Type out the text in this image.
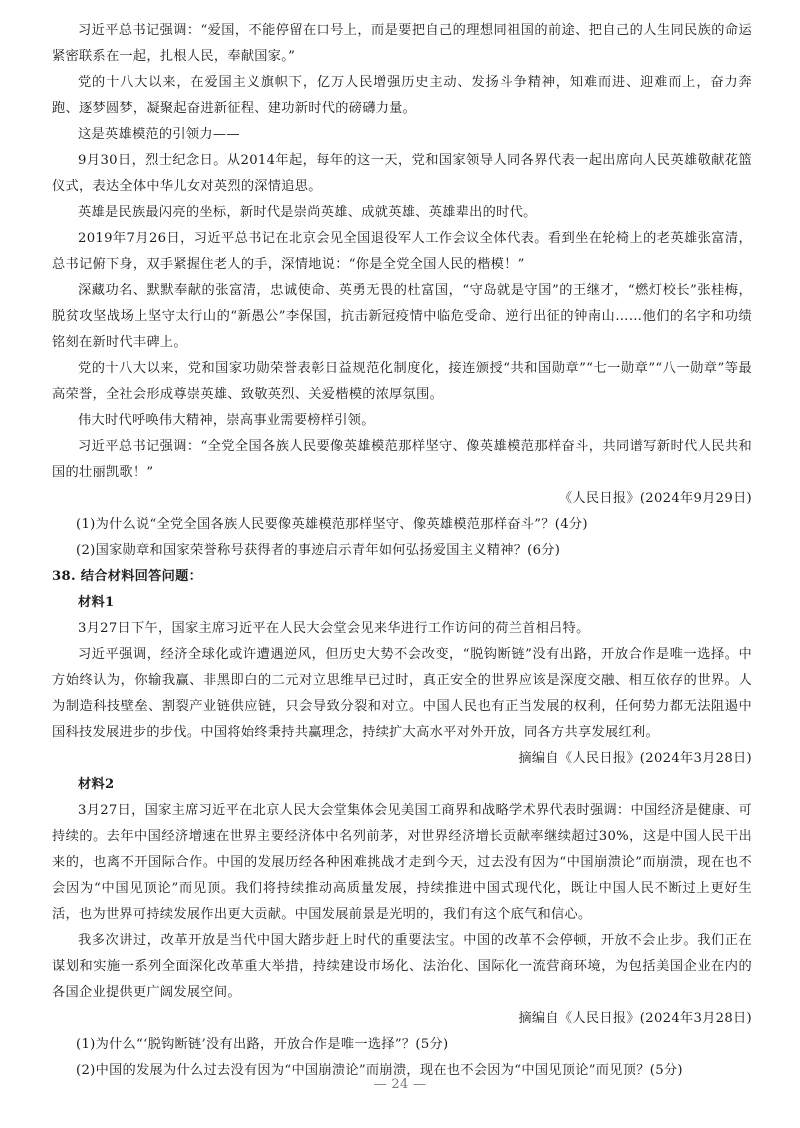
习近平总书记强调：“爱国，不能停留在口号上，而是要把自己的理想同祖国的前途、把自己的人生同民族的命运紧密联系在一起，扎根人民，奉献国家。”

党的十八大以来，在爱国主义旗帜下，亿万人民增强历史主动、发扬斗争精神，知难而进、迎难而上，奋力奔跑、逐梦圆梦，凝聚起奋进新征程、建功新时代的磅礴力量。

这是英雄模范的引领力——

9月30日，烈士纪念日。从2014年起，每年的这一天，党和国家领导人同各界代表一起出席向人民英雄敬献花篮仪式，表达全体中华儿女对英烈的深情追思。

英雄是民族最闪亮的坐标，新时代是崇尚英雄、成就英雄、英雄辈出的时代。

2019年7月26日，习近平总书记在北京会见全国退役军人工作会议全体代表。看到坐在轮椅上的老英雄张富清，总书记俯下身，双手紧握住老人的手，深情地说：“你是全党全国人民的楷模！”

深藏功名、默默奉献的张富清，忠诚使命、英勇无畏的杜富国，“守岛就是守国”的王继才，“燃灯校长”张桂梅，脱贫攻坚战场上坚守太行山的“新愚公”李保国，抗击新冠疫情中临危受命、逆行出征的钟南山……他们的名字和功绩铭刻在新时代丰碑上。

党的十八大以来，党和国家功勋荣誉表彰日益规范化制度化，接连颁授“共和国勋章”“七一勋章”“八一勋章”等最高荣誉，全社会形成尊崇英雄、致敬英烈、关爱楷模的浓厚氛围。

伟大时代呼唤伟大精神，崇高事业需要榜样引领。

习近平总书记强调：“全党全国各族人民要像英雄模范那样坚守、像英雄模范那样奋斗，共同谱写新时代人民共和国的壮丽凯歌！”

《人民日报》(2024年9月29日)

(1)为什么说“全党全国各族人民要像英雄模范那样坚守、像英雄模范那样奋斗”？(4分)

(2)国家勋章和国家荣誉称号获得者的事迹启示青年如何弘扬爱国主义精神？(6分)

38. 结合材料回答问题：

材料1

3月27日下午，国家主席习近平在人民大会堂会见来华进行工作访问的荷兰首相吕特。

习近平强调，经济全球化或许遭遇逆风，但历史大势不会改变，“脱钩断链”没有出路，开放合作是唯一选择。中方始终认为，你输我赢、非黑即白的二元对立思维早已过时，真正安全的世界应该是深度交融、相互依存的世界。人为制造科技壁垒、割裂产业链供应链，只会导致分裂和对立。中国人民也有正当发展的权利，任何势力都无法阻遏中国科技发展进步的步伐。中国将始终秉持共赢理念，持续扩大高水平对外开放，同各方共享发展红利。

摘编自《人民日报》(2024年3月28日)

材料2

3月27日，国家主席习近平在北京人民大会堂集体会见美国工商界和战略学术界代表时强调：中国经济是健康、可持续的。去年中国经济增速在世界主要经济体中名列前茅，对世界经济增长贡献率继续超过30%，这是中国人民干出来的，也离不开国际合作。中国的发展历经各种困难挑战才走到今天，过去没有因为“中国崩溃论”而崩溃，现在也不会因为“中国见顶论”而见顶。我们将持续推动高质量发展，持续推进中国式现代化，既让中国人民不断过上更好生活，也为世界可持续发展作出更大贡献。中国发展前景是光明的，我们有这个底气和信心。

我多次讲过，改革开放是当代中国大踏步赶上时代的重要法宝。中国的改革不会停顿，开放不会止步。我们正在谋划和实施一系列全面深化改革重大举措，持续建设市场化、法治化、国际化一流营商环境，为包括美国企业在内的各国企业提供更广阔发展空间。

摘编自《人民日报》(2024年3月28日)

(1)为什么“‘脱钩断链’没有出路，开放合作是唯一选择”？(5分)

(2)中国的发展为什么过去没有因为“中国崩溃论”而崩溃，现在也不会因为“中国见顶论”而见顶？(5分)

— 24 —
